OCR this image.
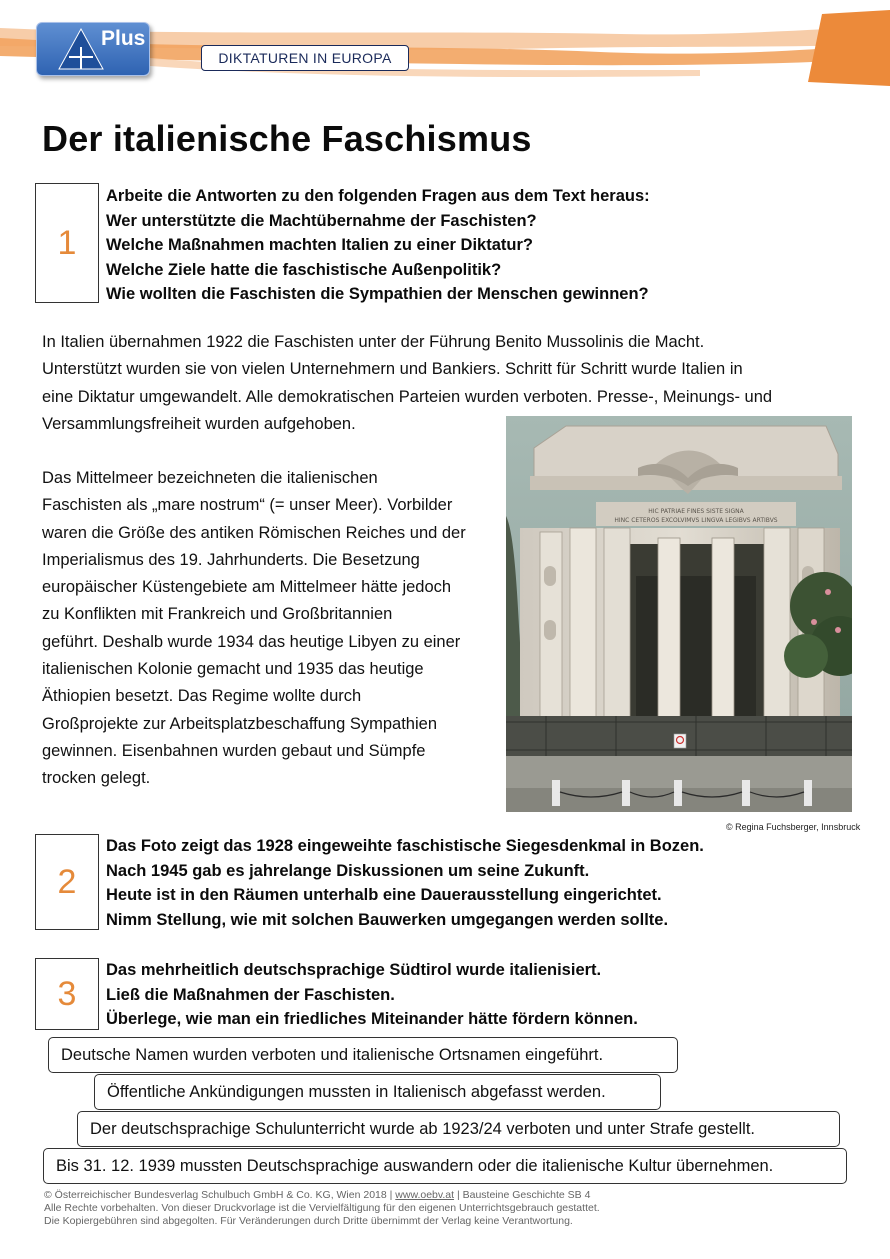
Plus
DIKTATUREN IN EUROPA
Der italienische Faschismus
1
Arbeite die Antworten zu den folgenden Fragen aus dem Text heraus:
Wer unterstützte die Machtübernahme der Faschisten?
Welche Maßnahmen machten Italien zu einer Diktatur?
Welche Ziele hatte die faschistische Außenpolitik?
Wie wollten die Faschisten die Sympathien der Menschen gewinnen?
In Italien übernahmen 1922 die Faschisten unter der Führung Benito Mussolinis die Macht.
Unterstützt wurden sie von vielen Unternehmern und Bankiers. Schritt für Schritt wurde Italien in
eine Diktatur umgewandelt. Alle demokratischen Parteien wurden verboten. Presse-, Meinungs- und
Versammlungsfreiheit wurden aufgehoben.
Das Mittelmeer bezeichneten die italienischen
Faschisten als „mare nostrum“ (= unser Meer). Vorbilder
waren die Größe des antiken Römischen Reiches und der
Imperialismus des 19. Jahrhunderts. Die Besetzung
europäischer Küstengebiete am Mittelmeer hätte jedoch
zu Konflikten mit Frankreich und Großbritannien
geführt. Deshalb wurde 1934 das heutige Libyen zu einer
italienischen Kolonie gemacht und 1935 das heutige
Äthiopien besetzt. Das Regime wollte durch
Großprojekte zur Arbeitsplatzbeschaffung Sympathien
gewinnen. Eisenbahnen wurden gebaut und Sümpfe
trocken gelegt.
HIC PATRIAE FINES SISTE SIGNA
HINC CETEROS EXCOLVIMVS LINGVA LEGIBVS ARTIBVS
© Regina Fuchsberger, Innsbruck
2
Das Foto zeigt das 1928 eingeweihte faschistische Siegesdenkmal in Bozen.
Nach 1945 gab es jahrelange Diskussionen um seine Zukunft.
Heute ist in den Räumen unterhalb eine Dauerausstellung eingerichtet.
Nimm Stellung, wie mit solchen Bauwerken umgegangen werden sollte.
3
Das mehrheitlich deutschsprachige Südtirol wurde italienisiert.
Ließ die Maßnahmen der Faschisten.
Überlege, wie man ein friedliches Miteinander hätte fördern können.
Deutsche Namen wurden verboten und italienische Ortsnamen eingeführt.
Öffentliche Ankündigungen mussten in Italienisch abgefasst werden.
Der deutschsprachige Schulunterricht wurde ab 1923/24 verboten und unter Strafe gestellt.
Bis 31. 12. 1939 mussten Deutschsprachige auswandern oder die italienische Kultur übernehmen.
© Österreichischer Bundesverlag Schulbuch GmbH & Co. KG, Wien 2018 | www.oebv.at | Bausteine Geschichte SB 4
Alle Rechte vorbehalten. Von dieser Druckvorlage ist die Vervielfältigung für den eigenen Unterrichtsgebrauch gestattet.
Die Kopiergebühren sind abgegolten. Für Veränderungen durch Dritte übernimmt der Verlag keine Verantwortung.
